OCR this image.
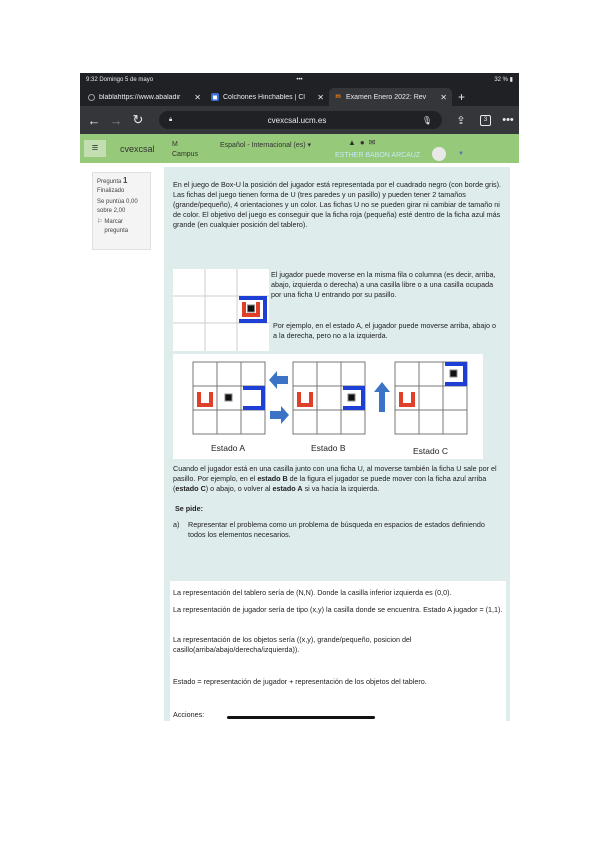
9:32 Domingo 5 de mayo	•••	32 % ▮
blablahttps://www.abaladir	✕ ◼ Colchones Hinchables | Cl	✕ m Examen Enero 2022: Rev	✕ +
← → ↻	🔒︎	cvexcsal.ucm.es	🎙︎	⇪	3	•••
≡	cvexcsal M
Campus
Español - Internacional (es) ▾	▲●✉
ESTHER BABON ARCAUZ	▼
Pregunta 1
Finalizado
Se puntúa 0,00 sobre 2,00
⚐ Marcar pregunta
En el juego de Box-U la posición del jugador está representada por el cuadrado negro (con borde gris). Las fichas del juego tienen forma de U (tres paredes y un pasillo) y pueden tener 2 tamaños (grande/pequeño), 4 orientaciones y un color. Las fichas U no se pueden girar ni cambiar de tamaño ni de color. El objetivo del juego es conseguir que la ficha roja (pequeña) esté dentro de la ficha azul más grande (en cualquier posición del tablero).
El jugador puede moverse en la misma fila o columna (es decir, arriba, abajo, izquierda o derecha) a una casilla libre o a una casilla ocupada por una ficha U entrando por su pasillo.
Por ejemplo, en el estado A, el jugador puede moverse arriba, abajo o a la derecha, pero no a la izquierda.
Estado A	Estado B	Estado C
Cuando el jugador está en una casilla junto con una ficha U, al moverse también la ficha U sale por el pasillo. Por ejemplo, en el estado B de la figura el jugador se puede mover con la ficha azul arriba (estado C) o abajo, o volver al estado A si va hacia la izquierda.
Se pide:
a)	Representar el problema como un problema de búsqueda en espacios de estados definiendo todos los elementos necesarios.
La representación del tablero sería de (N,N). Donde la casilla inferior izquierda es (0,0).
La representación de jugador sería de tipo (x,y) la casilla donde se encuentra. Estado A jugador = (1,1).
La representación de los objetos sería ((x,y), grande/pequeño, posicion del casillo(arriba/abajo/derecha/izquierda)).
Estado = representación de jugador + representación de los objetos del tablero.
Acciones:
